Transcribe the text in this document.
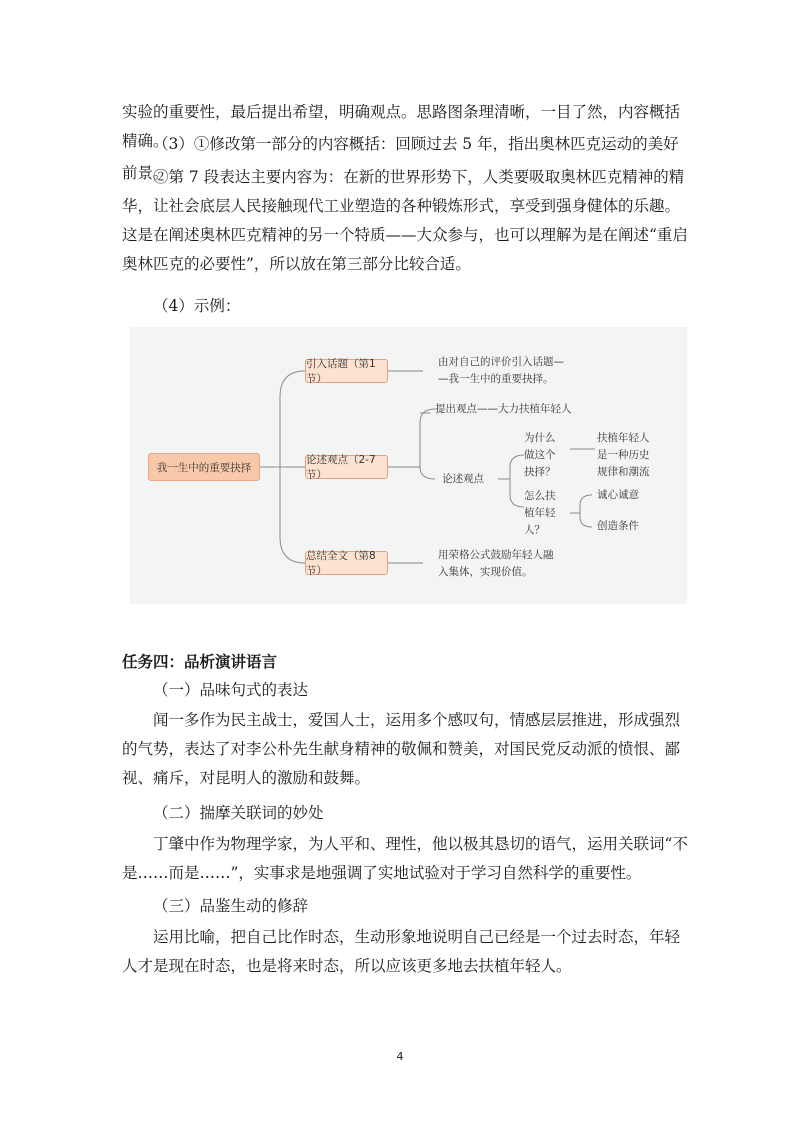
实验的重要性，最后提出希望，明确观点。思路图条理清晰，一目了然，内容概括精确。

（3）①修改第一部分的内容概括：回顾过去 5 年，指出奥林匹克运动的美好前景。

②第 7 段表达主要内容为：在新的世界形势下，人类要吸取奥林匹克精神的精华，让社会底层人民接触现代工业塑造的各种锻炼形式，享受到强身健体的乐趣。这是在阐述奥林匹克精神的另一个特质——大众参与，也可以理解为是在阐述“重启奥林匹克的必要性”，所以放在第三部分比较合适。

（4）示例：

我一生中的重要抉择
引入话题（第1节）
由对自己的评价引入话题—
—我一生中的重要抉择。
论述观点（2-7节）
提出观点——大力扶植年轻人
论述观点
为什么
做这个
抉择？
扶植年轻人
是一种历史
规律和潮流
怎么扶
植年轻
人？
诚心诚意
创造条件
总结全文（第8节）
用荣格公式鼓励年轻人融
入集体，实现价值。

任务四：品析演讲语言

（一）品味句式的表达

闻一多作为民主战士，爱国人士，运用多个感叹句，情感层层推进，形成强烈的气势，表达了对李公朴先生献身精神的敬佩和赞美，对国民党反动派的愤恨、鄙视、痛斥，对昆明人的激励和鼓舞。

（二）揣摩关联词的妙处

丁肇中作为物理学家，为人平和、理性，他以极其恳切的语气，运用关联词“不是……而是……”，实事求是地强调了实地试验对于学习自然科学的重要性。

（三）品鉴生动的修辞

运用比喻，把自己比作时态，生动形象地说明自己已经是一个过去时态，年轻人才是现在时态，也是将来时态，所以应该更多地去扶植年轻人。

4
